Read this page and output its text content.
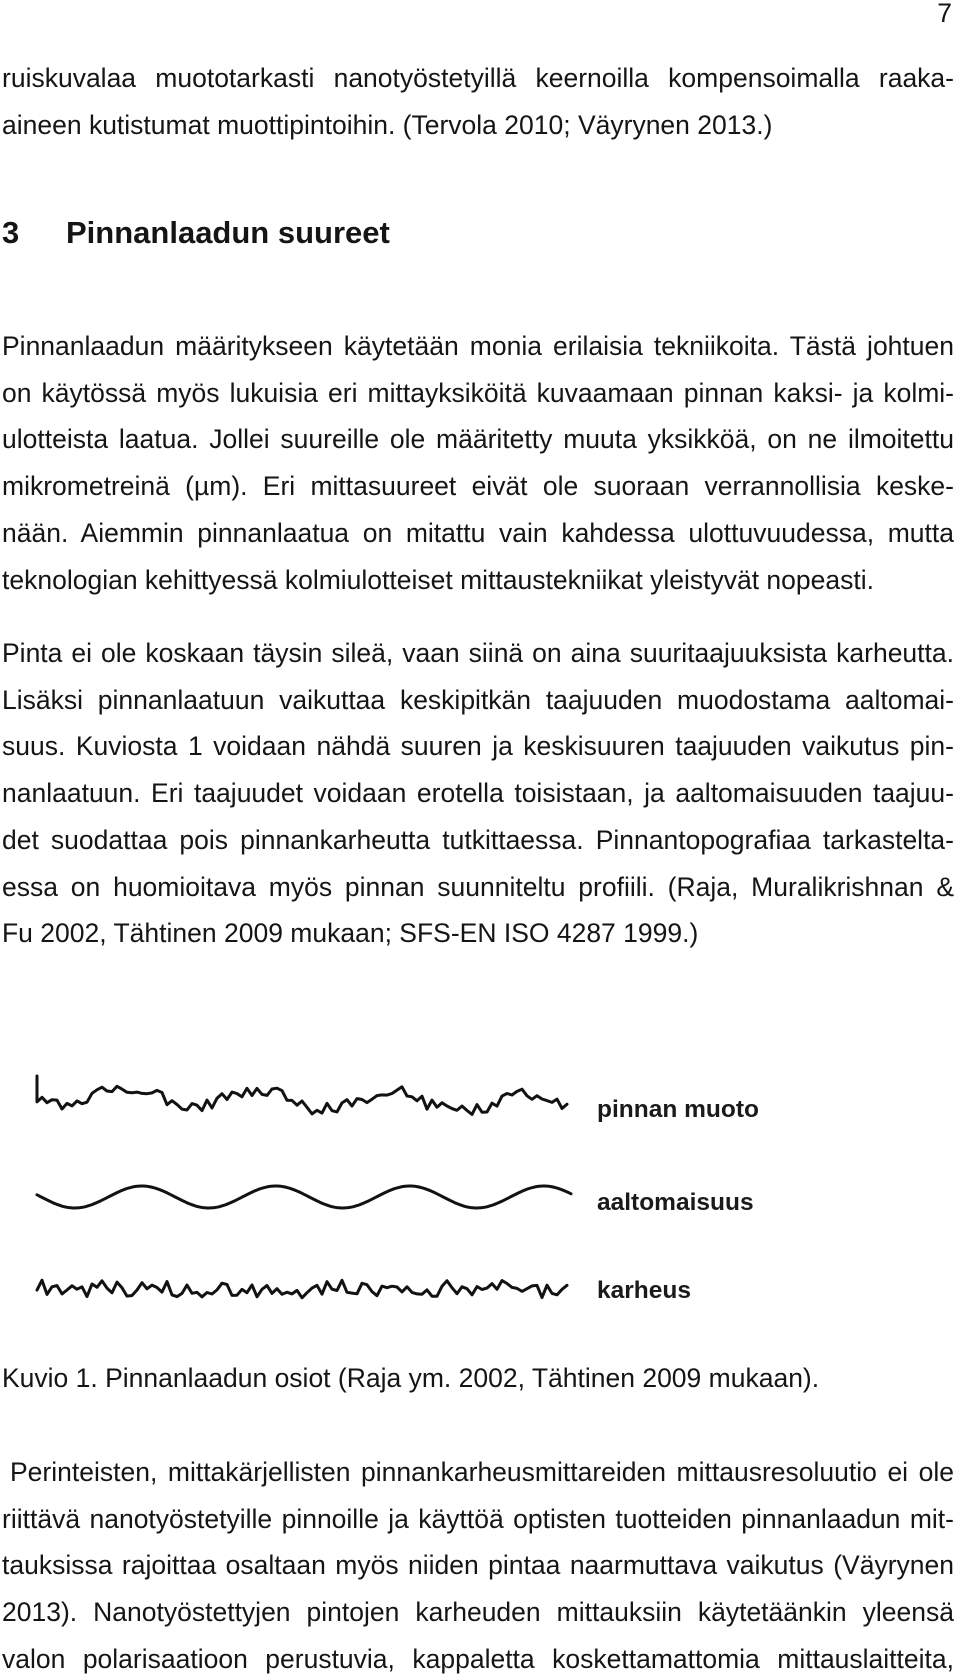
7
ruiskuvalaa muototarkasti nanotyöstetyillä keernoilla kompensoimalla raaka-
aineen kutistumat muottipintoihin. (Tervola 2010; Väyrynen 2013.)
3 Pinnanlaadun suureet
Pinnanlaadun määritykseen käytetään monia erilaisia tekniikoita. Tästä johtuen
on käytössä myös lukuisia eri mittayksiköitä kuvaamaan pinnan kaksi- ja kolmi-
ulotteista laatua. Jollei suureille ole määritetty muuta yksikköä, on ne ilmoitettu
mikrometreinä (µm). Eri mittasuureet eivät ole suoraan verrannollisia keske-
nään. Aiemmin pinnanlaatua on mitattu vain kahdessa ulottuvuudessa, mutta
teknologian kehittyessä kolmiulotteiset mittaustekniikat yleistyvät nopeasti.
Pinta ei ole koskaan täysin sileä, vaan siinä on aina suuritaajuuksista karheutta.
Lisäksi pinnanlaatuun vaikuttaa keskipitkän taajuuden muodostama aaltomai-
suus. Kuviosta 1 voidaan nähdä suuren ja keskisuuren taajuuden vaikutus pin-
nanlaatuun. Eri taajuudet voidaan erotella toisistaan, ja aaltomaisuuden taajuu-
det suodattaa pois pinnankarheutta tutkittaessa. Pinnantopografiaa tarkastelta-
essa on huomioitava myös pinnan suunniteltu profiili. (Raja, Muralikrishnan &
Fu 2002, Tähtinen 2009 mukaan; SFS-EN ISO 4287 1999.)
pinnan muoto
aaltomaisuus
karheus
Kuvio 1. Pinnanlaadun osiot (Raja ym. 2002, Tähtinen 2009 mukaan).
Perinteisten, mittakärjellisten pinnankarheusmittareiden mittausresoluutio ei ole
riittävä nanotyöstetyille pinnoille ja käyttöä optisten tuotteiden pinnanlaadun mit-
tauksissa rajoittaa osaltaan myös niiden pintaa naarmuttava vaikutus (Väyrynen
2013). Nanotyöstettyjen pintojen karheuden mittauksiin käytetäänkin yleensä
valon polarisaatioon perustuvia, kappaletta koskettamattomia mittauslaitteita,
